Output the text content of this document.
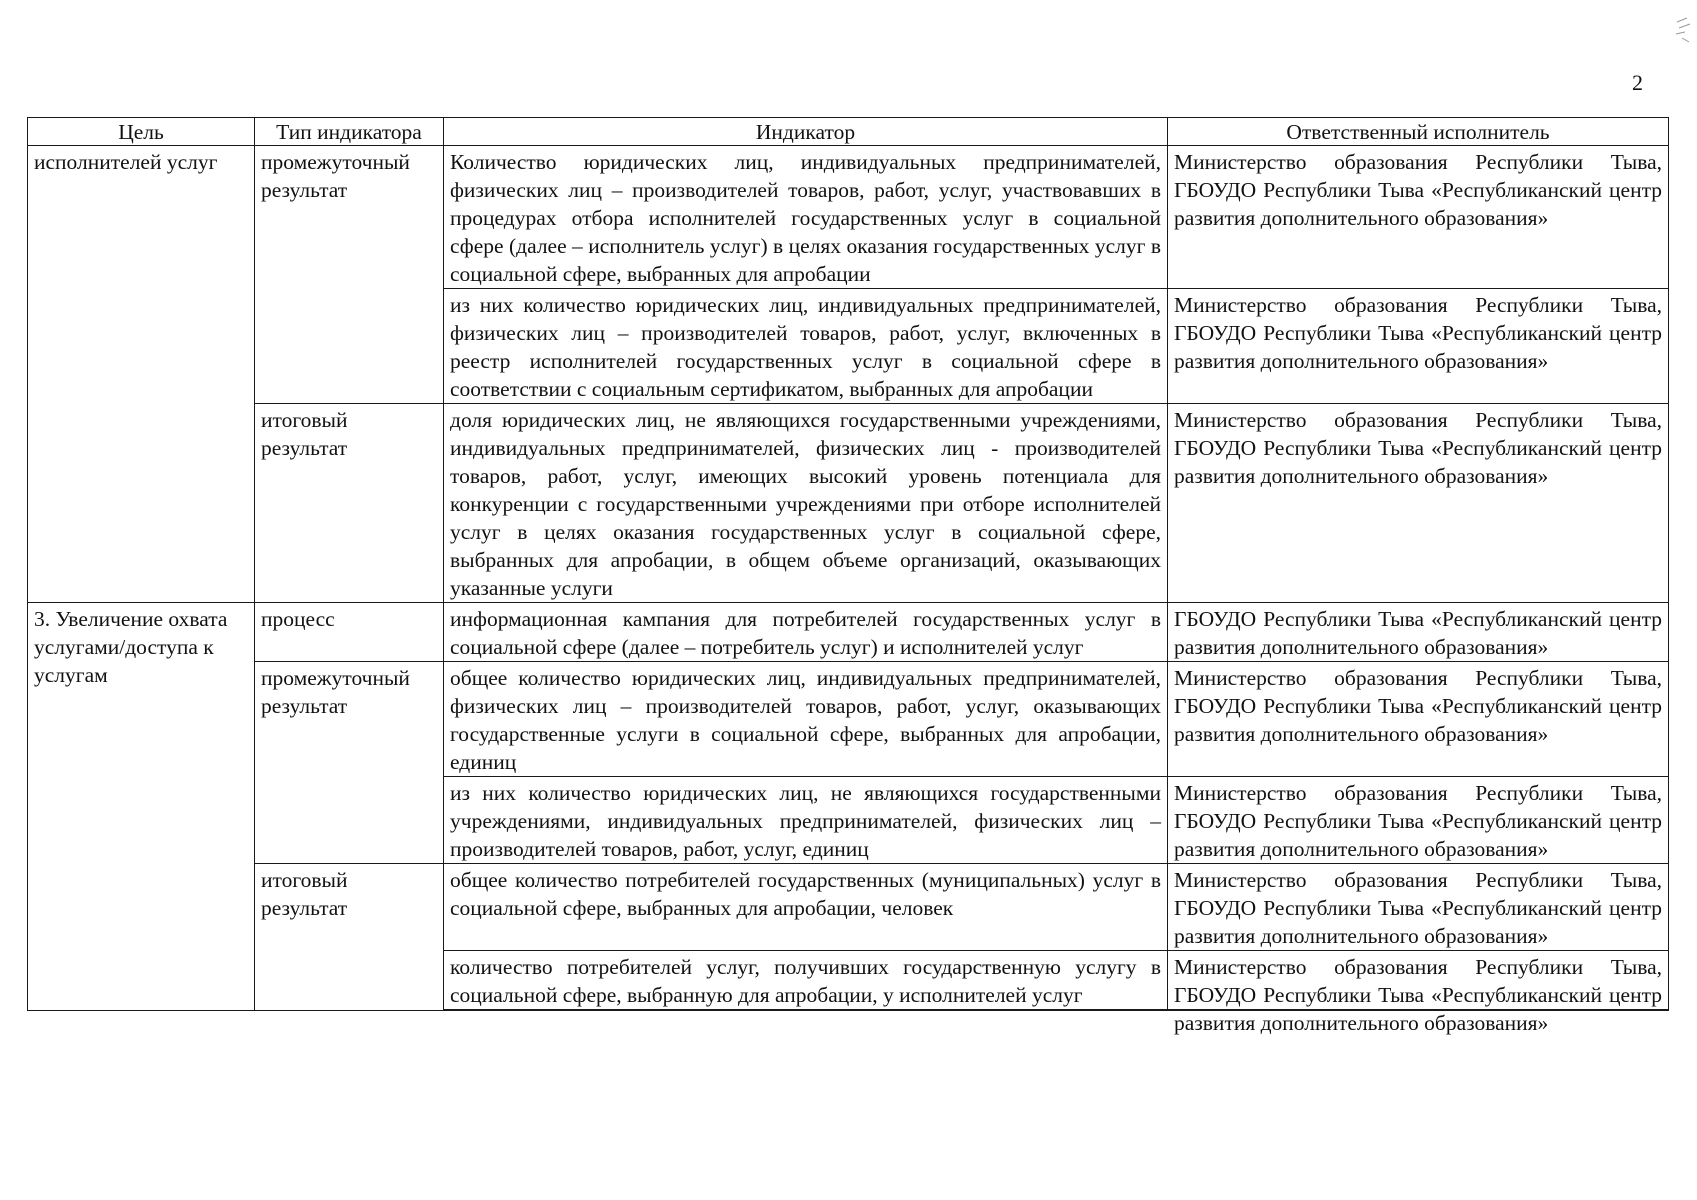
2
Цель	Тип индикатора	Индикатор	Ответственный исполнитель
исполнителей услуг	промежуточный результат	Количество юридических лиц, индивидуальных предпринимателей, физических лиц – производителей товаров, работ, услуг, участвовавших в процедурах отбора исполнителей государственных услуг в социальной сфере (далее – исполнитель услуг) в целях оказания государственных услуг в социальной сфере, выбранных для апробации	Министерство образования Республики Тыва, ГБОУДО Республики Тыва «Республиканский центр развития дополнительного образования»
		из них количество юридических лиц, индивидуальных предпринимателей, физических лиц – производителей товаров, работ, услуг, включенных в реестр исполнителей государственных услуг в социальной сфере в соответствии с социальным сертификатом, выбранных для апробации	Министерство образования Республики Тыва, ГБОУДО Республики Тыва «Республиканский центр развития дополнительного образования»
	итоговый результат	доля юридических лиц, не являющихся государственными учреждениями, индивидуальных предпринимателей, физических лиц - производителей товаров, работ, услуг, имеющих высокий уровень потенциала для конкуренции с государственными учреждениями при отборе исполнителей услуг в целях оказания государственных услуг в социальной сфере, выбранных для апробации, в общем объеме организаций, оказывающих указанные услуги	Министерство образования Республики Тыва, ГБОУДО Республики Тыва «Республиканский центр развития дополнительного образования»
3. Увеличение охвата услугами/доступа к услугам	процесс	информационная кампания для потребителей государственных услуг в социальной сфере (далее – потребитель услуг) и исполнителей услуг	ГБОУДО Республики Тыва «Республиканский центр развития дополнительного образования»
	промежуточный результат	общее количество юридических лиц, индивидуальных предпринимателей, физических лиц – производителей товаров, работ, услуг, оказывающих государственные услуги в социальной сфере, выбранных для апробации, единиц	Министерство образования Республики Тыва, ГБОУДО Республики Тыва «Республиканский центр развития дополнительного образования»
		из них количество юридических лиц, не являющихся государственными учреждениями, индивидуальных предпринимателей, физических лиц – производителей товаров, работ, услуг, единиц	Министерство образования Республики Тыва, ГБОУДО Республики Тыва «Республиканский центр развития дополнительного образования»
	итоговый результат	общее количество потребителей государственных (муниципальных) услуг в социальной сфере, выбранных для апробации, человек	Министерство образования Республики Тыва, ГБОУДО Республики Тыва «Республиканский центр развития дополнительного образования»

		количество потребителей услуг, получивших государственную услугу в социальной сфере, выбранную для апробации, у исполнителей услуг	Министерство образования Республики Тыва, ГБОУДО Республики Тыва «Республиканский центр развития дополнительного образования»
